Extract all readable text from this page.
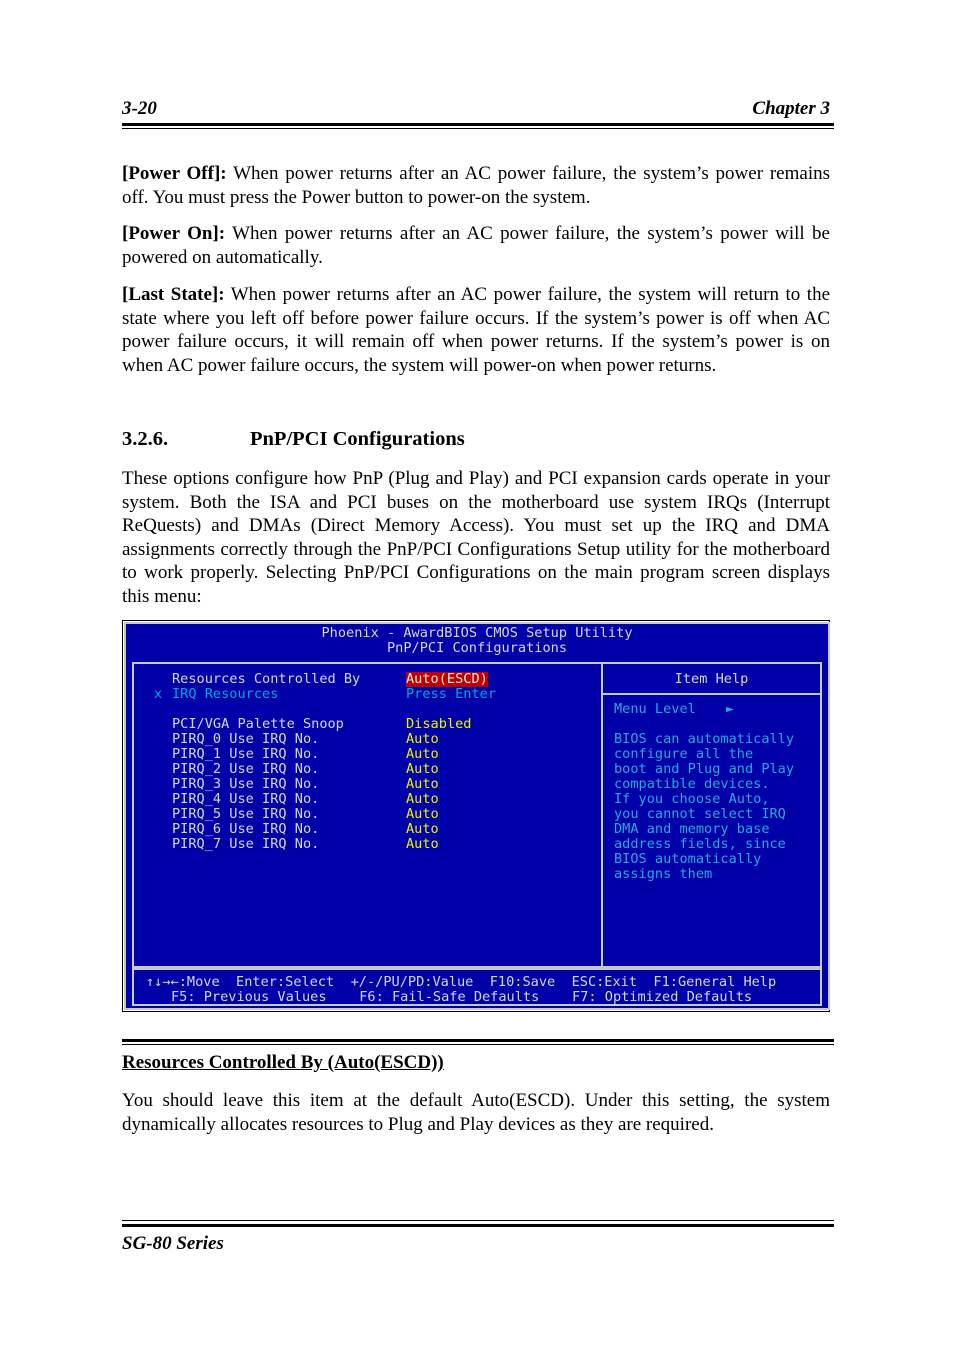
3-20	Chapter 3

[Power Off]: When power returns after an AC power failure, the system’s power remains off. You must press the Power button to power-on the system.

[Power On]: When power returns after an AC power failure, the system’s power will be powered on automatically.

[Last State]: When power returns after an AC power failure, the system will return to the state where you left off before power failure occurs. If the system’s power is off when AC power failure occurs, it will remain off when power returns. If the system’s power is on when AC power failure occurs, the system will power-on when power returns.

3.2.6.	PnP/PCI Configurations

These options configure how PnP (Plug and Play) and PCI expansion cards operate in your system. Both the ISA and PCI buses on the motherboard use system IRQs (Interrupt ReQuests) and DMAs (Direct Memory Access). You must set up the IRQ and DMA assignments correctly through the PnP/PCI Configurations Setup utility for the motherboard to work properly. Selecting PnP/PCI Configurations on the main program screen displays this menu:

Phoenix - AwardBIOS CMOS Setup Utility
PnP/PCI Configurations
Resources Controlled By	Auto(ESCD)
x IRQ Resources	Press Enter
PCI/VGA Palette Snoop	Disabled
PIRQ_0 Use IRQ No.	Auto
PIRQ_1 Use IRQ No.	Auto
PIRQ_2 Use IRQ No.	Auto
PIRQ_3 Use IRQ No.	Auto
PIRQ_4 Use IRQ No.	Auto
PIRQ_5 Use IRQ No.	Auto
PIRQ_6 Use IRQ No.	Auto
PIRQ_7 Use IRQ No.	Auto
Item Help
Menu Level ►
BIOS can automatically
configure all the
boot and Plug and Play
compatible devices.
If you choose Auto,
you cannot select IRQ
DMA and memory base
address fields, since
BIOS automatically
assigns them
↑↓→←:Move  Enter:Select  +/-/PU/PD:Value  F10:Save  ESC:Exit  F1:General Help
F5: Previous Values    F6: Fail-Safe Defaults    F7: Optimized Defaults
Resources Controlled By (Auto(ESCD))

You should leave this item at the default Auto(ESCD). Under this setting, the system dynamically allocates resources to Plug and Play devices as they are required.

SG-80 Series
